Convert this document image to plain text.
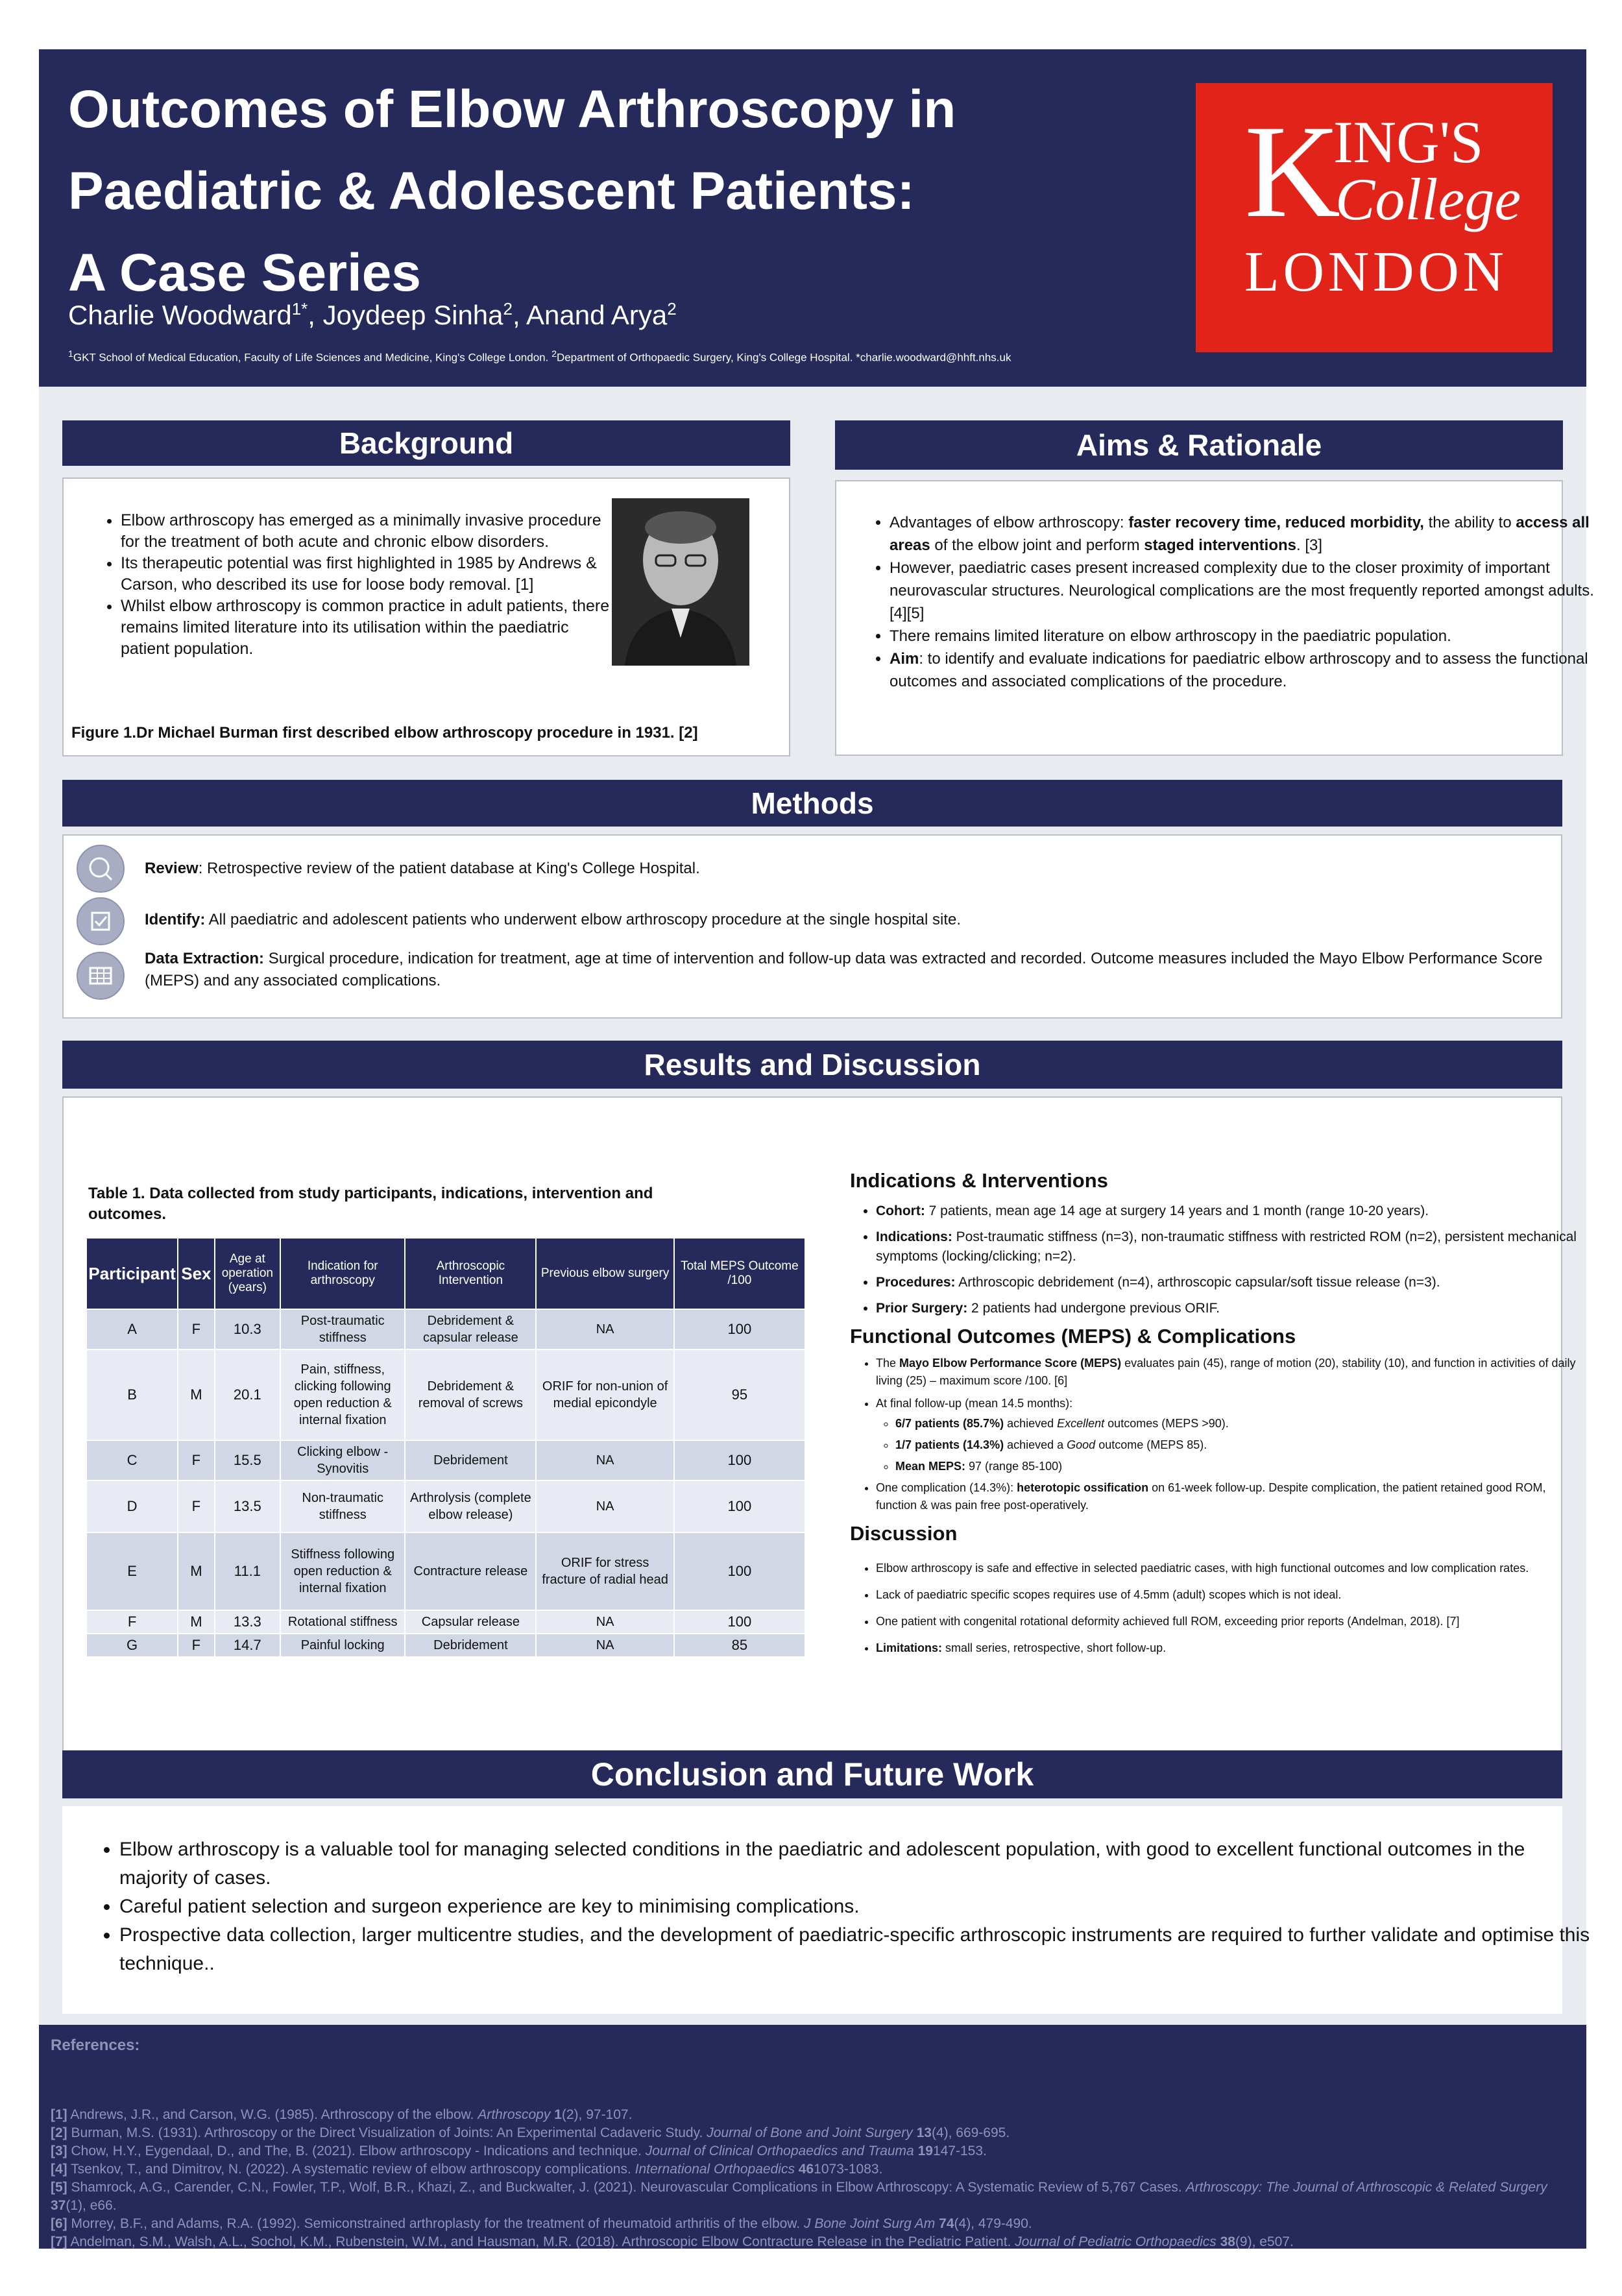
Outcomes of Elbow Arthroscopy in
Paediatric & Adolescent Patients:
A Case Series
Charlie Woodward$^{1*}$, Joydeep Sinha$^2$, Anand Arya$^2$
$^1$GKT School of Medical Education, Faculty of Life Sciences and Medicine, King's College London. $^2$Department of Orthopaedic Surgery, King's College Hospital. *charlie.woodward@hhft.nhs.uk
K
ING'S
College
LONDON
Background
• Elbow arthroscopy has emerged as a minimally invasive procedure for the treatment of both acute and chronic elbow disorders.
• Its therapeutic potential was first highlighted in 1985 by Andrews & Carson, who described its use for loose body removal. [1]
• Whilst elbow arthroscopy is common practice in adult patients, there remains limited literature into its utilisation within the paediatric patient population.
Figure 1.Dr Michael Burman first described elbow arthroscopy procedure in 1931. [2]
Aims & Rationale
• Advantages of elbow arthroscopy: faster recovery time, reduced morbidity, the ability to access all areas of the elbow joint and perform staged interventions. [3]
• However, paediatric cases present increased complexity due to the closer proximity of important neurovascular structures. Neurological complications are the most frequently reported amongst adults. [4][5]
• There remains limited literature on elbow arthroscopy in the paediatric population.
• Aim: to identify and evaluate indications for paediatric elbow arthroscopy and to assess the functional outcomes and associated complications of the procedure.
Methods
Review: Retrospective review of the patient database at King's College Hospital.
Identify: All paediatric and adolescent patients who underwent elbow arthroscopy procedure at the single hospital site.
Data Extraction: Surgical procedure, indication for treatment, age at time of intervention and follow-up data was extracted and recorded. Outcome measures included the Mayo Elbow Performance Score (MEPS) and any associated complications.
Results and Discussion
Table 1. Data collected from study participants, indications, intervention and outcomes.
Participant	Sex	Age at operation (years)	Indication for arthroscopy	Arthroscopic Intervention	Previous elbow surgery	Total MEPS Outcome /100
A	F	10.3	Post-traumatic stiffness	Debridement & capsular release	NA	100
B	M	20.1	Pain, stiffness, clicking following open reduction & internal fixation	Debridement & removal of screws	ORIF for non-union of medial epicondyle	95
C	F	15.5	Clicking elbow - Synovitis	Debridement	NA	100
D	F	13.5	Non-traumatic stiffness	Arthrolysis (complete elbow release)	NA	100
E	M	11.1	Stiffness following open reduction & internal fixation	Contracture release	ORIF for stress fracture of radial head	100
F	M	13.3	Rotational stiffness	Capsular release	NA	100
G	F	14.7	Painful locking	Debridement	NA	85
Indications & Interventions
• Cohort: 7 patients, mean age 14 age at surgery 14 years and 1 month (range 10-20 years).
• Indications: Post-traumatic stiffness (n=3), non-traumatic stiffness with restricted ROM (n=2), persistent mechanical symptoms (locking/clicking; n=2).
• Procedures: Arthroscopic debridement (n=4), arthroscopic capsular/soft tissue release (n=3).
• Prior Surgery: 2 patients had undergone previous ORIF.
Functional Outcomes (MEPS) & Complications
• The Mayo Elbow Performance Score (MEPS) evaluates pain (45), range of motion (20), stability (10), and function in activities of daily living (25) – maximum score /100. [6]
• At final follow-up (mean 14.5 months):
◦ 6/7 patients (85.7%) achieved Excellent outcomes (MEPS >90).
◦ 1/7 patients (14.3%) achieved a Good outcome (MEPS 85).
◦ Mean MEPS: 97 (range 85-100)
• One complication (14.3%): heterotopic ossification on 61-week follow-up. Despite complication, the patient retained good ROM, function & was pain free post-operatively.
Discussion
• Elbow arthroscopy is safe and effective in selected paediatric cases, with high functional outcomes and low complication rates.
• Lack of paediatric specific scopes requires use of 4.5mm (adult) scopes which is not ideal.
• One patient with congenital rotational deformity achieved full ROM, exceeding prior reports (Andelman, 2018). [7]
• Limitations: small series, retrospective, short follow-up.
Conclusion and Future Work
• Elbow arthroscopy is a valuable tool for managing selected conditions in the paediatric and adolescent population, with good to excellent functional outcomes in the majority of cases.
• Careful patient selection and surgeon experience are key to minimising complications.
• Prospective data collection, larger multicentre studies, and the development of paediatric-specific arthroscopic instruments are required to further validate and optimise this technique..
References:

[1] Andrews, J.R., and Carson, W.G. (1985). Arthroscopy of the elbow. Arthroscopy 1(2), 97-107.

[2] Burman, M.S. (1931). Arthroscopy or the Direct Visualization of Joints: An Experimental Cadaveric Study. Journal of Bone and Joint Surgery 13(4), 669-695.

[3] Chow, H.Y., Eygendaal, D., and The, B. (2021). Elbow arthroscopy - Indications and technique. Journal of Clinical Orthopaedics and Trauma 19147-153.

[4] Tsenkov, T., and Dimitrov, N. (2022). A systematic review of elbow arthroscopy complications. International Orthopaedics 461073-1083.

[5] Shamrock, A.G., Carender, C.N., Fowler, T.P., Wolf, B.R., Khazi, Z., and Buckwalter, J. (2021). Neurovascular Complications in Elbow Arthroscopy: A Systematic Review of 5,767 Cases. Arthroscopy: The Journal of Arthroscopic & Related Surgery 37(1), e66.

[6] Morrey, B.F., and Adams, R.A. (1992). Semiconstrained arthroplasty for the treatment of rheumatoid arthritis of the elbow. J Bone Joint Surg Am 74(4), 479-490.

[7] Andelman, S.M., Walsh, A.L., Sochol, K.M., Rubenstein, W.M., and Hausman, M.R. (2018). Arthroscopic Elbow Contracture Release in the Pediatric Patient. Journal of Pediatric Orthopaedics 38(9), e507.
